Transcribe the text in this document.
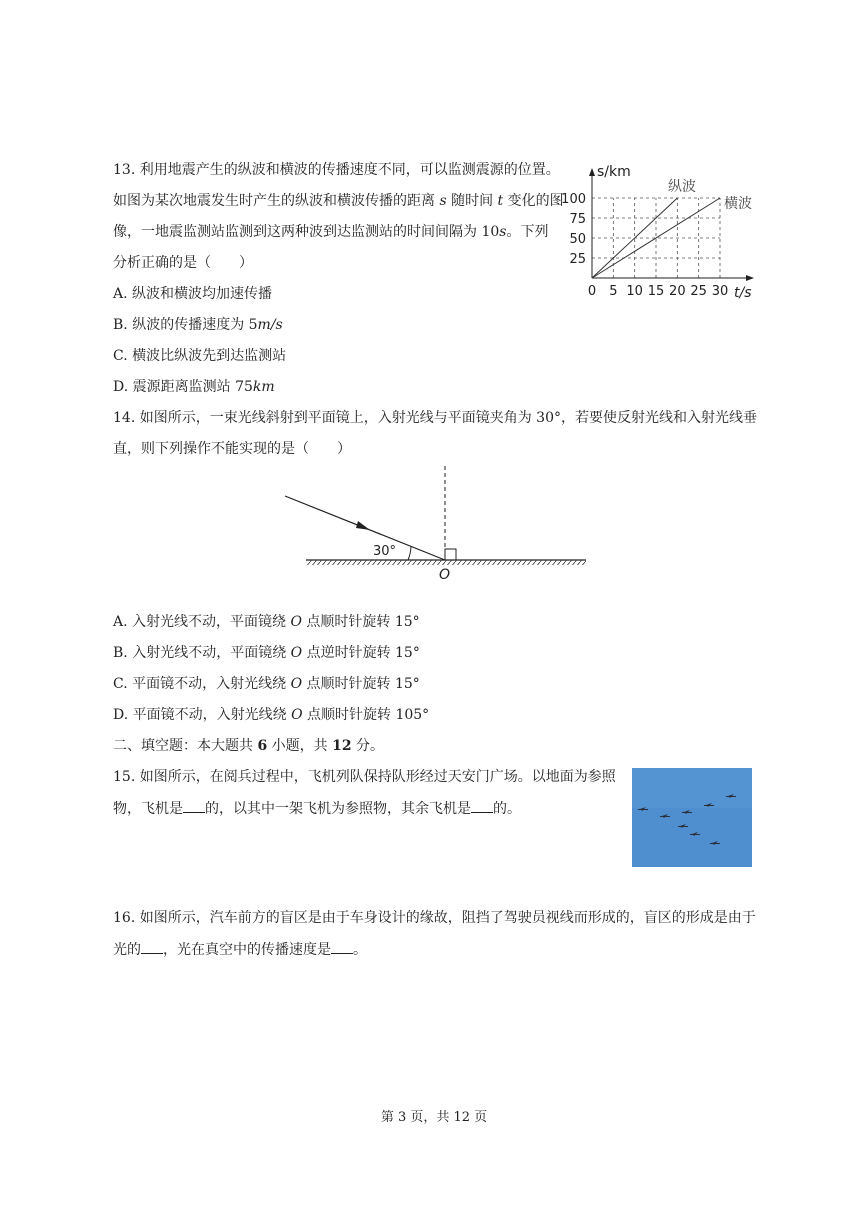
13. 利用地震产生的纵波和横波的传播速度不同，可以监测震源的位置。
如图为某次地震发生时产生的纵波和横波传播的距离 s 随时间 t 变化的图
像，一地震监测站监测到这两种波到达监测站的时间间隔为 10s。下列
分析正确的是（　　）
A. 纵波和横波均加速传播
B. 纵波的传播速度为 5m/s
C. 横波比纵波先到达监测站
D. 震源距离监测站 75km
0 5 10 15 20 25 30
25
50
75
100
s/km
t/s
纵波
横波
14. 如图所示，一束光线斜射到平面镜上，入射光线与平面镜夹角为 30°，若要使反射光线和入射光线垂
直，则下列操作不能实现的是（　　）
30°
O
A. 入射光线不动，平面镜绕 O 点顺时针旋转 15°
B. 入射光线不动，平面镜绕 O 点逆时针旋转 15°
C. 平面镜不动，入射光线绕 O 点顺时针旋转 15°
D. 平面镜不动，入射光线绕 O 点顺时针旋转 105°
二、填空题：本大题共 6 小题，共 12 分。
15. 如图所示，在阅兵过程中，飞机列队保持队形经过天安门广场。以地面为参照
物，飞机是 的，以其中一架飞机为参照物，其余飞机是 的。
16. 如图所示，汽车前方的盲区是由于车身设计的缘故，阻挡了驾驶员视线而形成的，盲区的形成是由于
光的 ，光在真空中的传播速度是 。
第 3 页，共 12 页
